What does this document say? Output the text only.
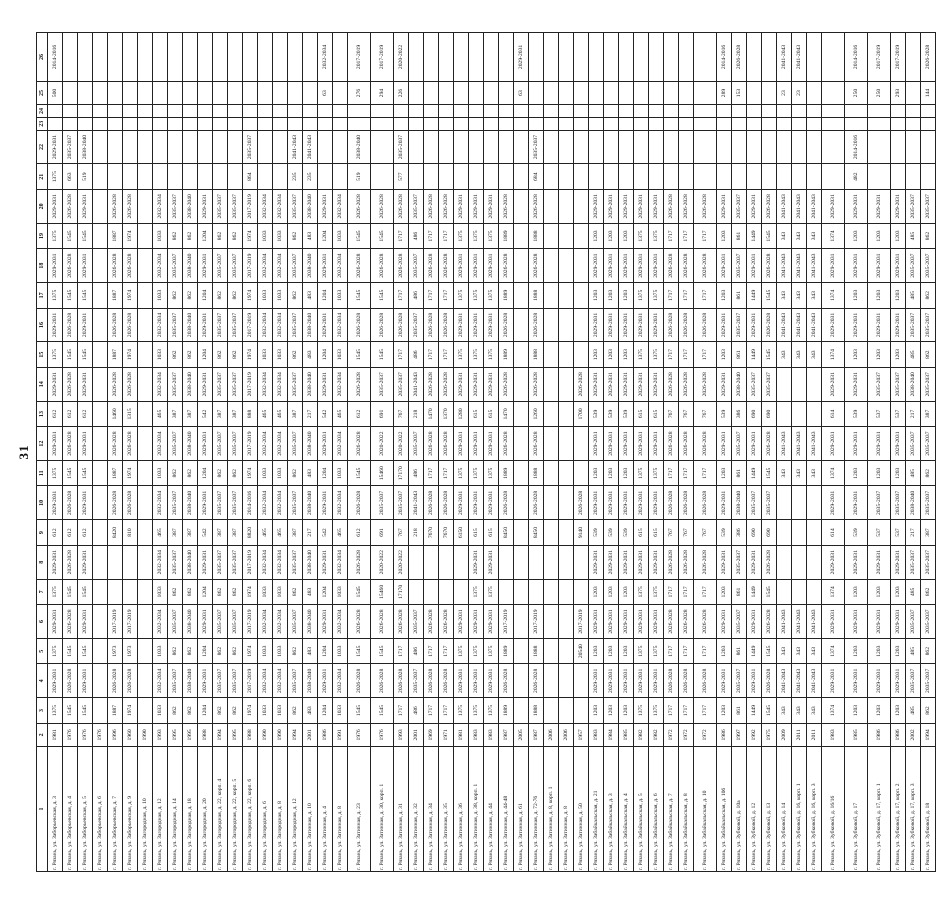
31
1	2	3	4	5	6	7	8	9	10	11	12	13	14	15	16	17	18	19	20	21	22	23	24	25	26
г. Рязань, ул. Заборьевская, д. 3	1981	1375	2029-2031	1375	2029-2031	1375	2029-2031	612	2029-2031	1375	2029-2031	612	2029-2031	1375	2029-2031	1375	2029-2031	1375	2029-2031	1375	2029-2031			500	2014-2016
г. Рязань, ул. Заборьевская, д. 4	1976	1545	2026-2028	1545	2026-2028	1545	2026-2028	612	2026-2028	1545	2026-2028	612	2026-2028	1545	2026-2028	1545	2026-2028	1545	2026-2028	663	2035-2037				
г. Рязань, ул. Заборьевская, д. 5	1976	1545	2029-2031	1545	2029-2031	1545	2029-2031	612	2029-2031	1545	2029-2031	612	2029-2031	1545	2029-2031	1545	2029-2031	1545	2029-2031	519	2038-2040				
г. Рязань, ул. Заборьевская, д. 6	1976																								
г. Рязань, ул. Заборьевская, д. 7	1996	1887	2026-2028	1973	2017-2019			8420	2026-2028	1887	2026-2028	1460	2026-2028	1887	2026-2028	1887	2026-2028	1887	2026-2028						
г. Рязань, ул. Заборьевская, д. 9	1960	1974	2026-2028	1973	2017-2019			810	2026-2028	1974	2026-2028	1315	2026-2028	1974	2026-2028	1974	2026-2028	1974	2026-2028						
г. Рязань, ул. Загородная, д. 10	1990																								
г. Рязань, ул. Загородная, д. 12	1993	1033	2032-2034	1033	2032-2034	1033	2032-2034	465	2032-2034	1033	2032-2034	465	2032-2034	1033	2032-2034	1033	2032-2034	1033	2032-2034						
г. Рязань, ул. Загородная, д. 14	1995	862	2035-2037	862	2035-2037	862	2035-2037	387	2035-2037	862	2035-2037	387	2035-2037	862	2035-2037	862	2035-2037	862	2035-2037						
г. Рязань, ул. Загородная, д. 18	1995	862	2038-2040	862	2038-2040	862	2038-2040	387	2038-2040	862	2038-2040	387	2038-2040	862	2038-2040	862	2038-2040	862	2038-2040						
г. Рязань, ул. Загородная, д. 20	1988	1204	2029-2031	1204	2029-2031	1204	2029-2031	542	2029-2031	1204	2029-2031	542	2029-2031	1204	2029-2031	1204	2029-2031	1204	2029-2031						
г. Рязань, ул. Загородная, д. 22, корп. 4	1994	862	2035-2037	862	2035-2037	862	2035-2037	387	2035-2037	862	2035-2037	387	2035-2037	862	2035-2037	862	2035-2037	862	2035-2037						
г. Рязань, ул. Загородная, д. 22, корп. 5	1995	862	2035-2037	862	2035-2037	862	2035-2037	387	2035-2037	862	2035-2037	387	2035-2037	862	2035-2037	862	2035-2037	862	2035-2037						
г. Рязань, ул. Загородная, д. 22, корп. 6	1988	1974	2017-2019	1974	2017-2019	1974	2017-2019	8820	2014-2016	1974	2017-2019	888	2017-2019	1974	2017-2019	1974	2017-2019	1974	2017-2019	864	2035-2037				
г. Рязань, ул. Загородная, д. 6	1990	1033	2032-2034	1033	2032-2034	1033	2032-2034	465	2032-2034	1033	2032-2034	465	2032-2034	1033	2032-2034	1033	2032-2034	1033	2032-2034						
г. Рязань, ул. Загородная, д. 8	1990	1033	2032-2034	1033	2032-2034	1033	2032-2034	465	2032-2034	1033	2032-2034	465	2032-2034	1033	2032-2034	1033	2032-2034	1033	2032-2034						
г. Рязань, ул. Загородная, д. 12	1994	862	2035-2037	862	2035-2037	862	2035-2037	387	2035-2037	862	2035-2037	387	2035-2037	862	2035-2037	862	2035-2037	862	2035-2037	235	2041-2043				
г. Рязань, ул. Затинная, д. 10	2001	483	2038-2040	483	2038-2040	483	2038-2040	217	2038-2040	483	2038-2040	217	2038-2040	483	2038-2040	483	2038-2040	483	2038-2040	235	2041-2043				
г. Рязань, ул. Затинная, д. 4	1986	1204	2029-2031	1204	2029-2031	1204	2029-2031	542	2029-2031	1204	2029-2031	542	2029-2031	1204	2029-2031	1204	2029-2031	1204	2029-2031					63	2032-2034
г. Рязань, ул. Затинная, д. 8	1991	1033	2032-2034	1033	2032-2034	1033	2032-2034	465	2032-2034	1033	2032-2034	465	2032-2034	1033	2032-2034	1033	2032-2034	1033	2032-2034						
г. Рязань, ул. Затинная, д. 23	1976	1545	2026-2028	1545	2026-2028	1545	2026-2028	612	2026-2028	1545	2026-2028	612	2026-2028	1545	2026-2028	1545	2026-2028	1545	2026-2028	519	2038-2040			276	2017-2019
г. Рязань, ул. Затинная, д. 30, корп. 1	1976	1545	2026-2028	1545	2026-2028	15460	2020-2022	691	2035-2037	15460	2020-2022	691	2035-2037	1545	2026-2028	1545	2026-2028	1545	2026-2028					294	2017-2019
г. Рязань, ул. Затинная, д. 31	1993	1717	2026-2028	1717	2026-2028	17170	2020-2022	767	2035-2037	17170	2020-2022	767	2035-2037	1717	2026-2028	1717	2026-2028	1717	2026-2028	577	2035-2037			226	2020-2022
г. Рязань, ул. Затинная, д. 32	2001	486	2035-2037	486	2035-2037			218	2041-2043	486	2035-2037	218	2041-2043	486	2035-2037	486	2035-2037	486	2035-2037						
г. Рязань, ул. Затинная, д. 34	1969	1717	2026-2028	1717	2026-2028			7670	2026-2028	1717	2026-2028	1470	2026-2028	1717	2026-2028	1717	2026-2028	1717	2026-2028						
г. Рязань, ул. Затинная, д. 35	1971	1717	2026-2028	1717	2026-2028			7670	2026-2028	1717	2026-2028	1370	2026-2028	1717	2026-2028	1717	2026-2028	1717	2026-2028						
г. Рязань, ул. Затинная, д. 36	1981	1375	2029-2031	1375	2029-2031			6150	2029-2031	1375	2029-2031	1280	2029-2031	1375	2029-2031	1375	2029-2031	1375	2029-2031						
г. Рязань, ул. Затинная, д. 38, корп. 1	1983	1375	2029-2031	1375	2029-2031	1375	2029-2031	615	2029-2031	1375	2029-2031	615	2029-2031	1375	2029-2031	1375	2029-2031	1375	2029-2031						
г. Рязань, ул. Затинная, д. 44	1983	1375	2029-2031	1375	2029-2031	1375	2029-2031	615	2029-2031	1375	2029-2031	615	2029-2031	1375	2029-2031	1375	2029-2031	1375	2029-2031						
г. Рязань, ул. Затинная, д. 44-48	1987	1889	2026-2028	1889	2017-2019			8450	2026-2028	1889	2026-2028	1470	2026-2028	1889	2026-2028	1889	2026-2028	1889	2026-2028						
г. Рязань, ул. Затинная, д. 61	2005																							63	2029-2031
г. Рязань, ул. Затинная, д. 72-76	1987	1888	2026-2028	1888	2017-2019			8450	2026-2028	1888	2026-2028	1260	2026-2028	1888	2026-2028	1888	2026-2028	1888	2026-2028	684	2035-2037				
г. Рязань, ул. Затинная, д. 8, корп. 1	2006																								
г. Рязань, ул. Затинная, д. 8	2006																								
г. Рязань, ул. Затинная, д. 50	1957			20540	2017-2019			9140	2026-2028			1700	2026-2028												
г. Рязань, ул. Забайкальская, д. 21	1983	1203	2029-2031	1203	2029-2031	1203	2029-2031	539	2029-2031	1203	2029-2031	539	2029-2031	1203	2029-2031	1203	2029-2031	1203	2029-2031						
г. Рязань, ул. Забайкальская, д. 3	1984	1203	2029-2031	1203	2029-2031	1203	2029-2031	539	2029-2031	1203	2029-2031	539	2029-2031	1203	2029-2031	1203	2029-2031	1203	2029-2031						
г. Рязань, ул. Забайкальская, д. 4	1985	1203	2029-2031	1203	2029-2031	1203	2029-2031	539	2029-2031	1203	2029-2031	539	2029-2031	1203	2029-2031	1203	2029-2031	1203	2029-2031						
г. Рязань, ул. Забайкальская, д. 5	1982	1375	2029-2031	1375	2029-2031	1375	2029-2031	615	2029-2031	1375	2029-2031	615	2029-2031	1375	2029-2031	1375	2029-2031	1375	2029-2031						
г. Рязань, ул. Забайкальская, д. 6	1982	1375	2029-2031	1375	2029-2031	1375	2029-2031	615	2029-2031	1375	2029-2031	615	2029-2031	1375	2029-2031	1375	2029-2031	1375	2029-2031						
г. Рязань, ул. Забайкальская, д. 7	1972	1717	2026-2028	1717	2026-2028	1717	2026-2028	767	2026-2028	1717	2026-2028	767	2026-2028	1717	2026-2028	1717	2026-2028	1717	2026-2028						
г. Рязань, ул. Забайкальская, д. 8	1972	1717	2026-2028	1717	2026-2028	1717	2026-2028	767	2026-2028	1717	2026-2028	767	2026-2028	1717	2026-2028	1717	2026-2028	1717	2026-2028						
г. Рязань, ул. Забайкальская, д. 10	1972	1717	2026-2028	1717	2026-2028	1717	2026-2028	767	2026-2028	1717	2026-2028	767	2026-2028	1717	2026-2028	1717	2026-2028	1717	2026-2028						
г. Рязань, ул. Забайкальская, д. 106	1986	1203	2029-2031	1203	2029-2031	1203	2029-2031	539	2029-2031	1203	2029-2031	539	2029-2031	1203	2029-2031	1203	2029-2031	1203	2029-2031					289	2014-2016
г. Рязань, ул. Зубковой, д. 10а	1997	861	2035-2037	861	2035-2037	861	2035-2037	386	2038-2040	861	2035-2037	386	2038-2040	861	2035-2037	861	2035-2037	861	2035-2037					153	2026-2028
г. Рязань, ул. Зубковой, д. 12	1992	1449	2029-2031	1449	2029-2031	1449	2029-2031	690	2035-2037	1449	2029-2031	690	2035-2037	1449	2029-2031	1449	2029-2031	1449	2029-2031						
г. Рязань, ул. Зубковой, д. 13	1975	1545	2026-2028	1545	2026-2028	1545	2026-2028	690	2035-2037	1545	2026-2028	690	2035-2037	1545	2026-2028	1545	2026-2028	1545	2026-2028						
г. Рязань, ул. Зубковой, д. 14	2009	343	2041-2043	343	2041-2043					343	2041-2043			343	2041-2043	343	2041-2043	343	2041-2043					23	2041-2043
г. Рязань, ул. Зубковой, д. 16, корп. 1	2011	343	2041-2043	343	2041-2043					343	2041-2043			343	2041-2043	343	2041-2043	343	2041-2043					23	2041-2043
г. Рязань, ул. Зубковой, д. 16, корп. 3	2011	343	2041-2043	343	2041-2043					343	2041-2043			343	2041-2043	343	2041-2043	343	2041-2043						
г. Рязань, ул. Зубковой, д. 16/16	1983	1374	2029-2031	1374	2029-2031	1374	2029-2031	614	2029-2031	1374	2029-2031	614	2029-2031	1374	2029-2031	1374	2029-2031	1374	2029-2031						
г. Рязань, ул. Зубковой, д. 17	1985	1203	2029-2031	1203	2029-2031	1203	2029-2031	539	2029-2031	1203	2029-2031	539	2029-2031	1203	2029-2031	1203	2029-2031	1203	2029-2031	482	2014-2016			250	2014-2016
г. Рязань, ул. Зубковой, д. 17, корп. 1	1986	1203	2029-2031	1203	2029-2031	1203	2029-2031	537	2035-2037	1203	2029-2031	537	2035-2037	1203	2029-2031	1203	2029-2031	1203	2029-2031					250	2017-2019
г. Рязань, ул. Зубковой, д. 17, корп. 2	1986	1203	2029-2031	1203	2029-2031	1203	2029-2031	537	2035-2037	1203	2029-2031	537	2035-2037	1203	2029-2031	1203	2029-2031	1203	2029-2031					293	2017-2019
г. Рязань, ул. Зубковой, д. 17, корп. 3	2002	485	2035-2037	485	2035-2037	485	2035-2037	217	2038-2040	485	2035-2037	217	2038-2040	485	2035-2037	485	2035-2037	485	2035-2037						
г. Рязань, ул. Зубковой, д. 18	1994	862	2035-2037	862	2035-2037	862	2035-2037	387	2035-2037	862	2035-2037	387	2035-2037	862	2035-2037	862	2035-2037	862	2035-2037					144	2026-2028
